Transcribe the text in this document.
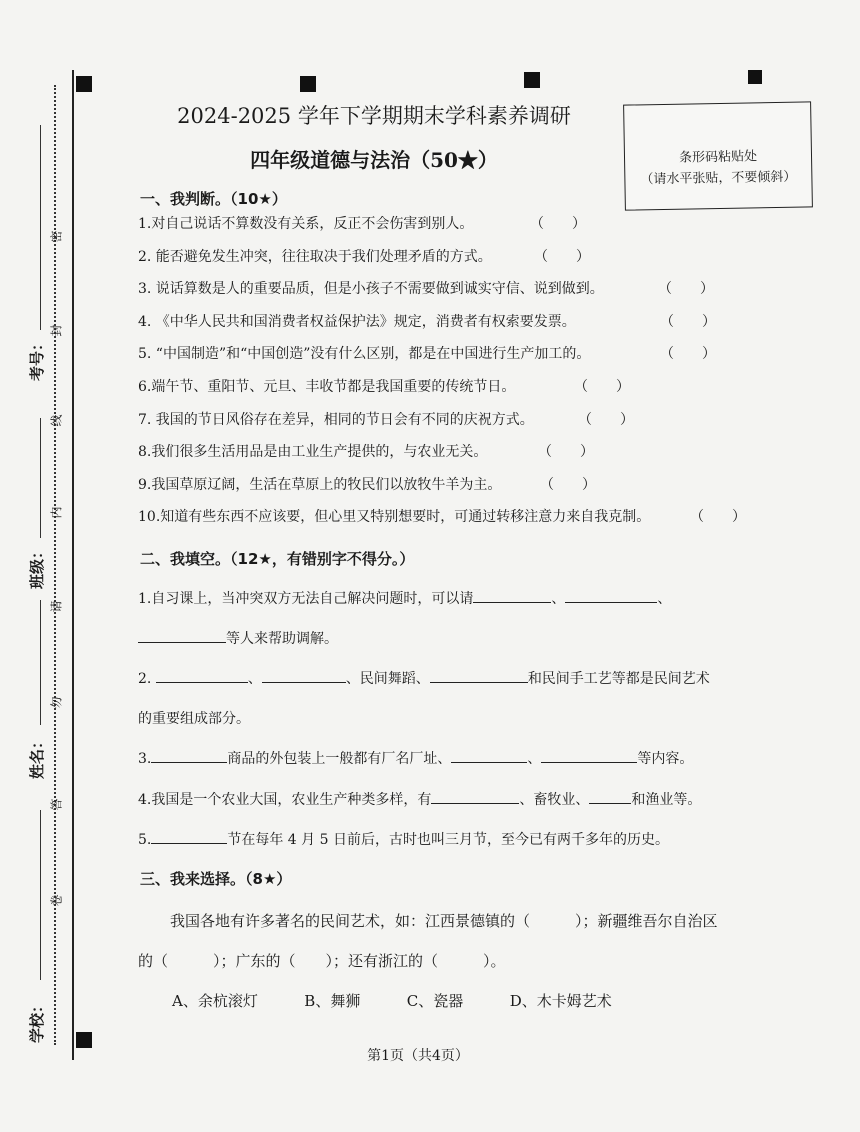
密
封
线
内
请
勿
答
卷
考号：
班级：
姓名：
学校：
2024-2025 学年下学期期末学科素养调研
四年级道德与法治（50★）	条形码粘贴处
（请水平张贴，不要倾斜）
一、我判断。（10★）
1.对自己说话不算数没有关系，反正不会伤害到别人。	（　　）
2. 能否避免发生冲突，往往取决于我们处理矛盾的方式。	（　　）
3. 说话算数是人的重要品质，但是小孩子不需要做到诚实守信、说到做到。	（　　）
4. 《中华人民共和国消费者权益保护法》规定，消费者有权索要发票。	（　　）
5. “中国制造”和“中国创造”没有什么区别，都是在中国进行生产加工的。	（　　）
6.端午节、重阳节、元旦、丰收节都是我国重要的传统节日。	（　　）
7. 我国的节日风俗存在差异，相同的节日会有不同的庆祝方式。	（　　）
8.我们很多生活用品是由工业生产提供的，与农业无关。	（　　）
9.我国草原辽阔，生活在草原上的牧民们以放牧牛羊为主。	（　　）
10.知道有些东西不应该要，但心里又特别想要时，可通过转移注意力来自我克制。	（　　）
二、我填空。（12★，有错别字不得分。）
1.自习课上，当冲突双方无法自己解决问题时，可以请	、	、
等人来帮助调解。
2.	、	、民间舞蹈、	和民间手工艺等都是民间艺术
的重要组成部分。
3.	商品的外包装上一般都有厂名厂址、	、	等内容。
4.我国是一个农业大国，农业生产种类多样，有	、畜牧业、	和渔业等。
5.	节在每年 4 月 5 日前后，古时也叫三月节，至今已有两千多年的历史。
三、我来选择。（8★）
我国各地有许多著名的民间艺术，如：江西景德镇的（　　　）；新疆维吾尔自治区
的（　　　）；广东的（　　）；还有浙江的（　　　）。
A、余杭滚灯	B、舞狮	C、瓷器	D、木卡姆艺术
第1页（共4页）
